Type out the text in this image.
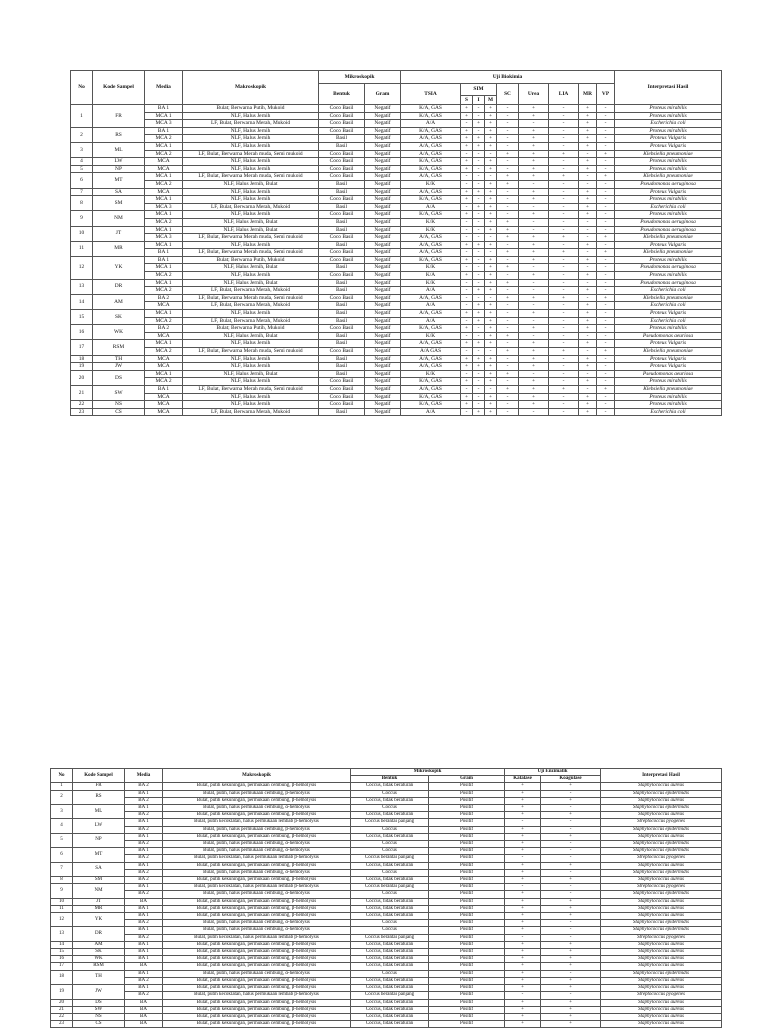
No	Kode Sampel	Media	Makroskopik	Mikroskopik		Uji Biokimia									Interpretasi Hasil
				Bentuk	Gram	TSIA	SIM			SC	Urea	LIA	MR	VP	
							S	I	M						
1	FR	BA 1	Bulat; Berwarna Putih, Mukoid	Coco Basil	Negatif	K/A, GAS	+	-	+	-	+	-	+	-	Proteus mirabilis
		MCA 1	NLF, Halus Jernih	Coco Basil	Negatif	K/A, GAS	+	-	+	-	+	-	+	-	Proteus mirabilis
		MCA 3	LF, Bulat, Berwarna Merah, Mukoid	Coco Basil	Negatif	A/A	-	+	+	-	-	-	+	-	Escherichia coli
2	RS	BA 1	NLF, Halus Jernih	Coco Basil	Negatif	K/A, GAS	+	-	+	-	+	-	+	-	Proteus mirabilis
		MCA 2	NLF, Halus Jernih	Basil	Negatif	A/A, GAS	+	+	+	-	+	-	+	-	Proteus Vulgaris
3	ML	MCA 1	NLF, Halus Jernih	Basil	Negatif	A/A, GAS	+	+	+	-	+	-	+	-	Proteus Vulgaris
		MCA 2	LF, Bulat, Berwarna Merah muda, Semi mukoid	Coco Basil	Negatif	A/A, GAS	-	-	-	+	+	+	-	+	Klebsiella pneumoniae
4	LW	MCA	NLF, Halus Jernih	Coco Basil	Negatif	K/A, GAS	+	-	+	-	+	-	+	-	Proteus mirabilis
5	NP	MCA	NLF, Halus Jernih	Coco Basil	Negatif	K/A, GAS	+	-	+	-	+	-	+	-	Proteus mirabilis
6	MT	MCA 1	LF, Bulat, Berwarna Merah muda, Semi mukoid	Coco Basil	Negatif	A/A, GAS	-	-	-	+	+	+	-	+	Klebsiella pneumoniae
		MCA 2	NLF, Halus Jernih, Bulat	Basil	Negatif	K/K	-	-	+	+	-	-	-	-	Pseudomonas aeruginosa
7	SA	MCA	NLF, Halus Jernih	Basil	Negatif	A/A, GAS	+	+	+	-	+	-	+	-	Proteus Vulgaris
8	SM	MCA 1	NLF, Halus Jernih	Coco Basil	Negatif	K/A, GAS	+	-	+	-	+	-	+	-	Proteus mirabilis
		MCA 3	LF, Bulat, Berwarna Merah, Mukoid	Basil	Negatif	A/A	-	+	+	-	-	-	+	-	Escherichia coli
9	NM	MCA 1	NLF, Halus Jernih	Coco Basil	Negatif	K/A, GAS	+	-	+	-	+	-	+	-	Proteus mirabilis
		MCA 2	NLF, Halus Jernih, Bulat	Basil	Negatif	K/K	-	-	+	+	-	-	-	-	Pseudomonas aeruginosa
10	JT	MCA 1	NLF, Halus Jernih, Bulat	Basil	Negatif	K/K	-	-	+	+	-	-	-	-	Pseudomonas aeruginosa
		MCA 3	LF, Bulat, Berwarna Merah muda, Semi mukoid	Coco Basil	Negatif	A/A, GAS	-	-	-	+	+	+	-	+	Klebsiella pneumoniae
11	MR	MCA 1	NLF, Halus Jernih	Basil	Negatif	A/A, GAS	+	+	+	-	+	-	+	-	Proteus Vulgaris
		BA 1	LF, Bulat, Berwarna Merah muda, Semi mukoid	Coco Basil	Negatif	A/A, GAS	-	-	-	+	+	+	-	+	Klebsiella pneumoniae
12	YK	BA 1	Bulat; Berwarna Putih, Mukoid	Coco Basil	Negatif	K/A, GAS	+	-	+	-	+	-	+	-	Proteus mirabilis
		MCA 1	NLF, Halus Jernih, Bulat	Basil	Negatif	K/K	-	-	+	+	-	-	-	-	Pseudomonas aeruginosa
		MCA 2	NLF, Halus Jernih	Coco Basil	Negatif	K/A	+	-	+	-	+	-	+	-	Proteus mirabilis
13	DR	MCA 1	NLF, Halus Jernih, Bulat	Basil	Negatif	K/K	-	-	+	+	-	-	-	-	Pseudomonas aeruginosa
		MCA 2	LF, Bulat, Berwarna Merah, Mukoid	Basil	Negatif	A/A	-	+	+	-	-	-	+	-	Escherichia coli
14	AM	BA 2	LF, Bulat, Berwarna Merah muda, Semi mukoid	Coco Basil	Negatif	A/A, GAS	-	-	-	+	+	+	-	+	Klebsiella pneumoniae
		MCA	LF, Bulat, Berwarna Merah, Mukoid	Basil	Negatif	A/A	-	+	+	-	-	-	+	-	Escherichia coli
15	SK	MCA 1	NLF, Halus Jernih	Basil	Negatif	A/A, GAS	+	+	+	-	+	-	+	-	Proteus Vulgaris
		MCA 2	LF, Bulat, Berwarna Merah, Mukoid	Basil	Negatif	A/A	-	+	+	-	-	-	+	-	Escherichia coli
16	WK	BA 2	Bulat; Berwarna Putih, Mukoid	Coco Basil	Negatif	K/A, GAS	+	-	+	-	+	-	+	-	Proteus mirabilis
		MCA	NLF, Halus Jernih, Bulat	Basil	Negatif	K/K	-	-	+	+	-	-	-	-	Pseudomonas aeuriosa
17	RSM	MCA 1	NLF, Halus Jernih	Basil	Negatif	A/A, GAS	+	+	+	-	+	-	+	-	Proteus Vulgaris
		MCA 2	LF, Bulat, Berwarna Merah muda, Semi mukoid	Coco Basil	Negatif	A/A GAS	-	-	-	+	+	+	-	+	Klebsiella pneumoniae
18	TH	MCA	NLF, Halus Jernih	Basil	Negatif	A/A, GAS	+	+	+	-	+	-	+	-	Proteus Vulgaris
19	JW	MCA	NLF, Halus Jernih	Basil	Negatif	A/A, GAS	+	+	+	-	+	-	+	-	Proteus Vulgaris
20	DS	MCA 1	NLF, Halus Jernih, Bulat	Basil	Negatif	K/K	-	-	+	+	-	-	-	-	Pseudomonas aeuriosa
		MCA 2	NLF, Halus Jernih	Coco Basil	Negatif	K/A, GAS	+	-	+	-	+	-	+	-	Proteus mirabilis
21	SW	BA 1	LF, Bulat, Berwarna Merah muda, Semi mukoid	Coco Basil	Negatif	A/A, GAS	-	-	-	+	+	+	-	+	Klebsiella pneumoniae
		MCA	NLF, Halus Jernih	Coco Basil	Negatif	K/A, GAS	+	-	+	-	+	-	+	-	Proteus mirabilis
22	NS	MCA	NLF, Halus Jernih	Coco Basil	Negatif	K/A, GAS	+	-	+	-	+	-	+	-	Proteus mirabilis
23	CS	MCA	LF, Bulat, Berwarna Merah, Mukoid	Basil	Negatif	A/A	-	+	+	-	-	-	+	-	Escherichia coli
No	Kode Sampel	Media	Makroskopik	Mikroskopik		Uji Enzimatik		Interpretasi Hasil
				Bentuk	Gram	Katalase	Koagulase	
1	FR	BA 2	Bulat, putih kekuningan, permukaan cembung, β-hemolysis	Coccus, tidak beraturan	Positif	+	+	Staphylococcus aureus
2	RS	BA 1	Bulat, putih, halus permukaan cembung, β-hemolysis	Coccus	Positif	+	-	Staphylococcus epidermidis
		BA 2	Bulat, putih kekuningan, permukaan cembung, β-hemolysis	Coccus, tidak beraturan	Positif	+	+	Staphylococcus aureus
3	ML	BA 1	Bulat, putih, halus permukaan cembung, α-hemolysis	Coccus	Positif	+	-	Staphylococcus epidermidis
		BA 2	Bulat, putih kekuningan, permukaan cembung, β-hemolysis	Coccus, tidak beraturan	Positif	+	+	Staphylococcus aureus
4	LW	BA 1	Bulat, putih kecoklatan, halus permukaan lembab β-hemolysis	Coccus berantai panjang	Positif	-	-	Streptococcus pyogenes
		BA 2	Bulat, putih, halus permukaan cembung, β-hemolysis	Coccus	Positif	+	-	Staphylococcus epidermidis
5	NP	BA 1	Bulat, putih kekuningan, permukaan cembung, β-hemolysis	Coccus, tidak beraturan	Positif	+	+	Staphylococcus aureus
		BA 2	Bulat, putih, halus permukaan cembung, α-hemolysis	Coccus	Positif	+	-	Staphylococcus epidermidis
6	MT	BA 1	Bulat, putih, halus permukaan cembung, α-hemolysis	Coccus	Positif	+	-	Staphylococcus epidermidis
		BA 2	Bulat, putih kecoklatan, halus permukaan lembab β-hemolysis	Coccus berantai panjang	Positif	-	-	Streptococcus pyogenes
7	SA	BA 1	Bulat, putih kekuningan, permukaan cembung, β-hemolysis	Coccus, tidak beraturan	Positif	+	+	Staphylococcus aureus
		BA 2	Bulat, putih, halus permukaan cembung, α-hemolysis	Coccus	Positif	+	-	Staphylococcus epidermidis
8	SM	BA 2	Bulat, putih kekuningan, permukaan cembung, β-hemolysis	Coccus, tidak beraturan	Positif	+	+	Staphylococcus aureus
9	NM	BA 1	Bulat, putih kecoklatan, halus permukaan lembab β-hemolysis	Coccus berantai panjang	Positif	-	-	Streptococcus pyogenes
		BA 2	Bulat, putih, halus permukaan cembung, α-hemolysis	Coccus	Positif	+	-	Staphylococcus epidermidis
10	JT	BA	Bulat, putih kekuningan, permukaan cembung, β-hemolysis	Coccus, tidak beraturan	Positif	+	+	Staphylococcus aureus
11	MR	BA 1	Bulat, putih kekuningan, permukaan cembung, β-hemolysis	Coccus, tidak beraturan	Positif	+	+	Staphylococcus aureus
12	YK	BA 1	Bulat, putih kekuningan, permukaan cembung, β-hemolysis	Coccus, tidak beraturan	Positif	+	+	Staphylococcus aureus
		BA 2	Bulat, putih, halus permukaan cembung, α-hemolysis	Coccus	Positif	+	-	Staphylococcus epidermidis
13	DR	BA 1	Bulat, putih, halus permukaan cembung, α-hemolysis	Coccus	Positif	+	-	Staphylococcus epidermidis
		BA 2	Bulat, putih kecoklatan, halus permukaan lembab β-hemolysis	Coccus berantai panjang	Positif	-	-	Streptococcus pyogenes
14	AM	BA 1	Bulat, putih kekuningan, permukaan cembung, β-hemolysis	Coccus, tidak beraturan	Positif	+	+	Staphylococcus aureus
15	SK	BA 1	Bulat, putih kekuningan, permukaan cembung, β-hemolysis	Coccus, tidak beraturan	Positif	+	+	Staphylococcus aureus
16	WK	BA 1	Bulat, putih kekuningan, permukaan cembung, β-hemolysis	Coccus, tidak beraturan	Positif	+	+	Staphylococcus aureus
17	RSM	BA	Bulat, putih kekuningan, permukaan cembung, β-hemolysis	Coccus, tidak beraturan	Positif	+	+	Staphylococcus aureus
18	TH	BA 1	Bulat, putih, halus permukaan cembung, α-hemolysis	Coccus	Positif	+	-	Staphylococcus epidermidis
		BA 2	Bulat, putih kekuningan, permukaan cembung, β-hemolysis	Coccus, tidak beraturan	Positif	+	+	Staphylococcus aureus
19	JW	BA 1	Bulat, putih kekuningan, permukaan cembung, β-hemolysis	Coccus, tidak beraturan	Positif	+	+	Staphylococcus aureus
		BA 2	Bulat, putih kecoklatan, halus permukaan lembab β-hemolysis	Coccus berantai panjang	Positif	-	-	Streptococcus pyogenes
20	DS	BA	Bulat, putih kekuningan, permukaan cembung, β-hemolysis	Coccus, tidak beraturan	Positif	+	+	Staphylococcus aureus
21	SW	BA	Bulat, putih kekuningan, permukaan cembung, β-hemolysis	Coccus, tidak beraturan	Positif	+	+	Staphylococcus aureus
22	NS	BA	Bulat, putih kekuningan, permukaan cembung, β-hemolysis	Coccus, tidak beraturan	Positif	+	+	Staphylococcus aureus
23	CS	BA	Bulat, putih kekuningan, permukaan cembung, β-hemolysis	Coccus, tidak beraturan	Positif	+	+	Staphylococcus aureus
